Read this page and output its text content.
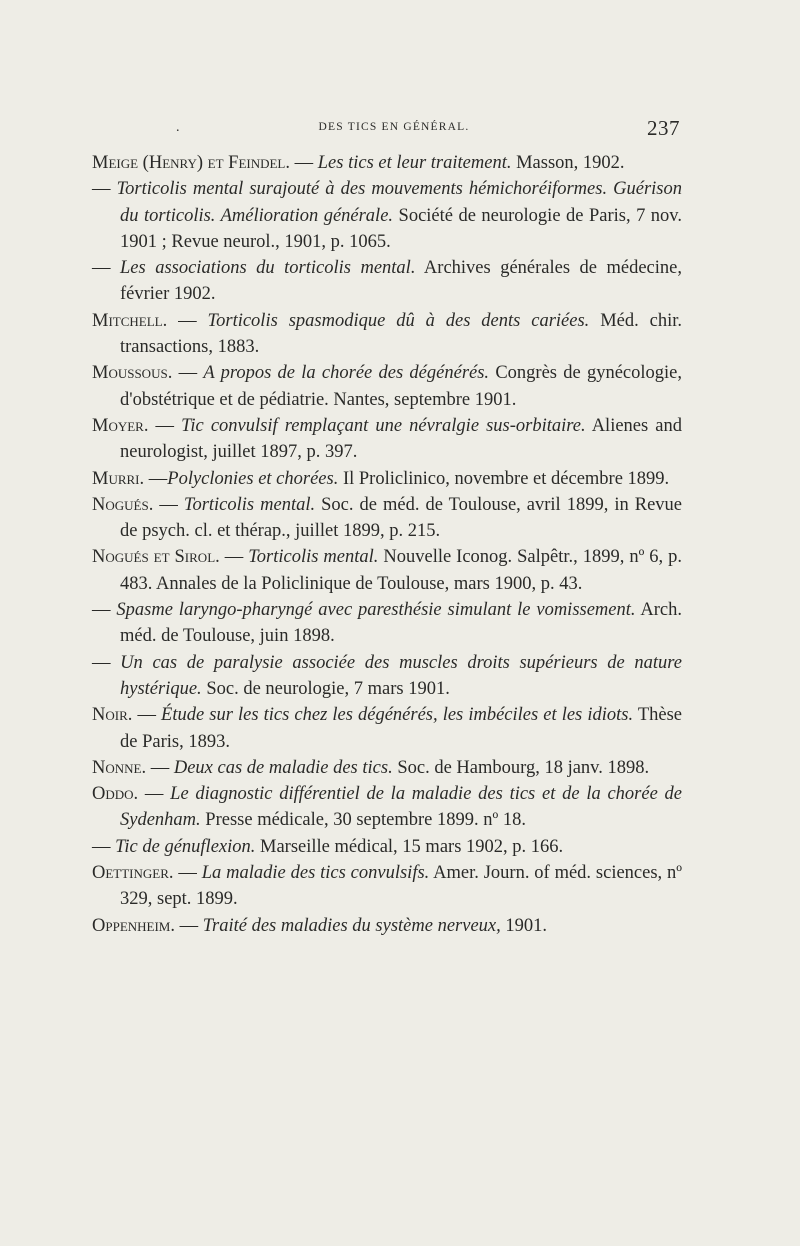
.	DES TICS EN GÉNÉRAL.	237

Meige (Henry) et Feindel. — Les tics et leur traitement. Masson, 1902.

— Torticolis mental surajouté à des mouvements hémichoréiformes. Guérison du torticolis. Amélioration générale. Société de neurologie de Paris, 7 nov. 1901 ; Revue neurol., 1901, p. 1065.

— Les associations du torticolis mental. Archives générales de médecine, février 1902.

Mitchell. — Torticolis spasmodique dû à des dents cariées. Méd. chir. transactions, 1883.

Moussous. — A propos de la chorée des dégénérés. Congrès de gynécologie, d'obstétrique et de pédiatrie. Nantes, septembre 1901.

Moyer. — Tic convulsif remplaçant une névralgie sus-orbitaire. Alienes and neurologist, juillet 1897, p. 397.

Murri. —Polyclonies et chorées. Il Proliclinico, novembre et décembre 1899.

Nogués. — Torticolis mental. Soc. de méd. de Toulouse, avril 1899, in Revue de psych. cl. et thérap., juillet 1899, p. 215.

Nogués et Sirol. — Torticolis mental. Nouvelle Iconog. Salpêtr., 1899, nº 6, p. 483. Annales de la Policlinique de Toulouse, mars 1900, p. 43.

— Spasme laryngo-pharyngé avec paresthésie simulant le vomissement. Arch. méd. de Toulouse, juin 1898.

— Un cas de paralysie associée des muscles droits supérieurs de nature hystérique. Soc. de neurologie, 7 mars 1901.

Noir. — Étude sur les tics chez les dégénérés, les imbéciles et les idiots. Thèse de Paris, 1893.

Nonne. — Deux cas de maladie des tics. Soc. de Hambourg, 18 janv. 1898.

Oddo. — Le diagnostic différentiel de la maladie des tics et de la chorée de Sydenham. Presse médicale, 30 septembre 1899. nº 18.

— Tic de génuflexion. Marseille médical, 15 mars 1902, p. 166.

Oettinger. — La maladie des tics convulsifs. Amer. Journ. of méd. sciences, nº 329, sept. 1899.

Oppenheim. — Traité des maladies du système nerveux, 1901.
